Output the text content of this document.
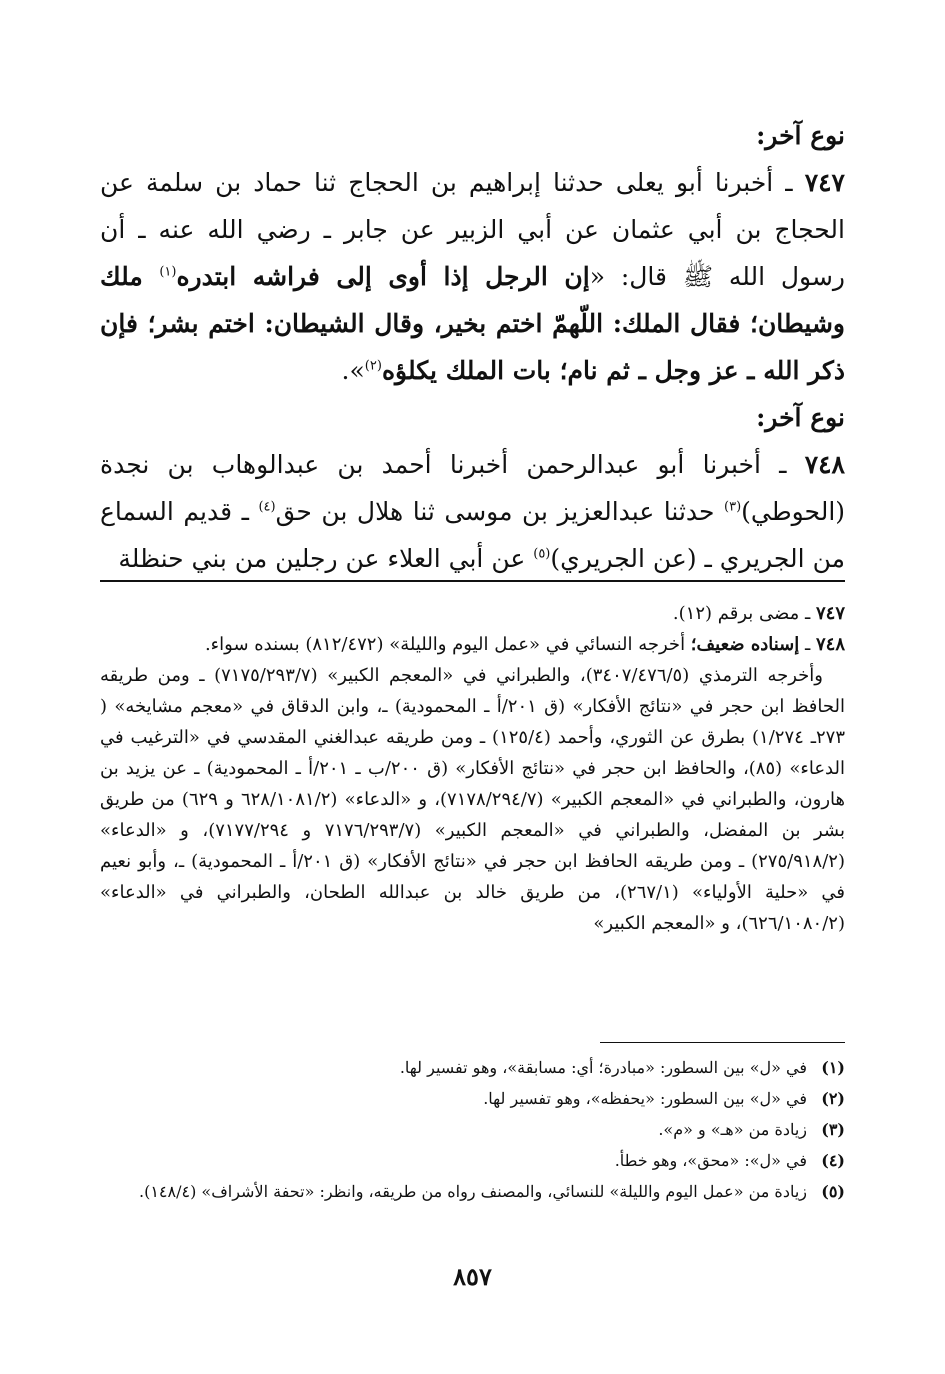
نوع آخر:

٧٤٧ ـ أخبرنا أبو يعلى حدثنا إبراهيم بن الحجاج ثنا حماد بن سلمة عن الحجاج بن أبي عثمان عن أبي الزبير عن جابر ـ رضي الله عنه ـ أن رسول الله ﷺ قال: «إن الرجل إذا أوى إلى فراشه ابتدره$^{(١)}$ ملك وشيطان؛ فقال الملك: اللّهمّ اختم بخير، وقال الشيطان: اختم بشر؛ فإن ذكر الله ـ عز وجل ـ ثم نام؛ بات الملك يكلؤه$^{(٢)}$».

نوع آخر:

٧٤٨ ـ أخبرنا أبو عبدالرحمن أخبرنا أحمد بن عبدالوهاب بن نجدة (الحوطي)$^{(٣)}$ حدثنا عبدالعزيز بن موسى ثنا هلال بن حق$^{(٤)}$ ـ قديم السماع من الجريري ـ (عن الجريري)$^{(٥)}$ عن أبي العلاء عن رجلين من بني حنظلة

٧٤٧ ـ مضى برقم (١٢).

٧٤٨ ـ إسناده ضعيف؛ أخرجه النسائي في «عمل اليوم والليلة» (٨١٢/٤٧٢) بسنده سواء.

وأخرجه الترمذي (٣٤٠٧/٤٧٦/٥)، والطبراني في «المعجم الكبير» (٧١٧٥/٢٩٣/٧) ـ ومن طريقه الحافظ ابن حجر في «نتائج الأفكار» (ق ٢٠١/أ ـ المحمودية) ـ، وابن الدقاق في «معجم مشايخه» ( ٢٧٣ـ ١/٢٧٤) بطرق عن الثوري، وأحمد (١٢٥/٤) ـ ومن طريقه عبدالغني المقدسي في «الترغيب في الدعاء» (٨٥)، والحافظ ابن حجر في «نتائج الأفكار» (ق ٢٠٠/ب ـ ٢٠١/أ ـ المحمودية) ـ عن يزيد بن هارون، والطبراني في «المعجم الكبير» (٧١٧٨/٢٩٤/٧)، و «الدعاء» (٦٢٨/١٠٨١/٢ و ٦٢٩) من طريق بشر بن المفضل، والطبراني في «المعجم الكبير» (٧١٧٦/٢٩٣/٧ و ٧١٧٧/٢٩٤)، و «الدعاء» (٢٧٥/٩١٨/٢) ـ ومن طريقه الحافظ ابن حجر في «نتائج الأفكار» (ق ٢٠١/أ ـ المحمودية) ـ، وأبو نعيم في «حلية الأولياء» (٢٦٧/١)، من طريق خالد بن عبدالله الطحان، والطبراني في «الدعاء» (٦٢٦/١٠٨٠/٢)، و «المعجم الكبير»

(١)
في «ل» بين السطور: «مبادرة؛ أي: مسابقة»، وهو تفسير لها.
(٢)
في «ل» بين السطور: «يحفظه»، وهو تفسير لها.
(٣)
زيادة من «هـ» و «م».
(٤)
في «ل»: «محق»، وهو خطأ.
(٥)
زيادة من «عمل اليوم والليلة» للنسائي، والمصنف رواه من طريقه، وانظر: «تحفة الأشراف» (١٤٨/٤).
٨٥٧
